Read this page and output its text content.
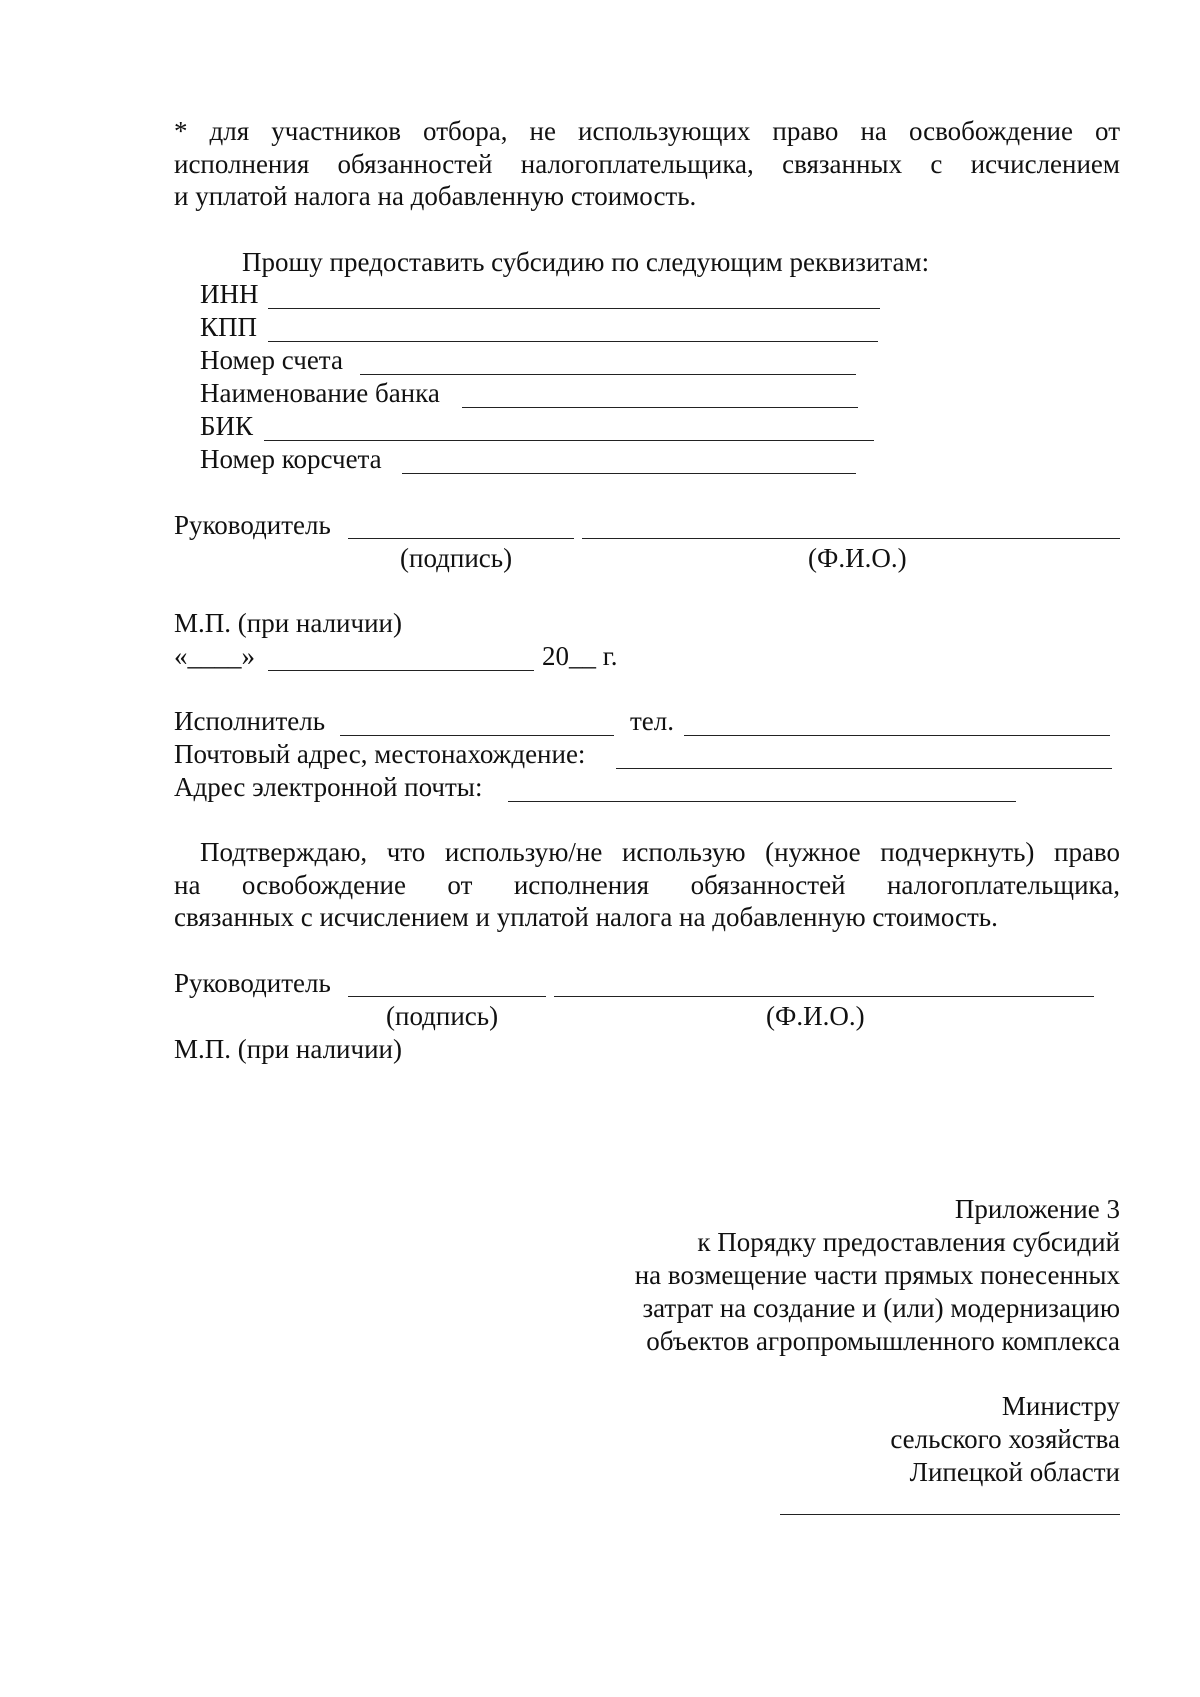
* для участников отбора, не использующих право на освобождение от
исполнения обязанностей налогоплательщика, связанных с исчислением
и уплатой налога на добавленную стоимость.
Прошу предоставить субсидию по следующим реквизитам:
ИНН
КПП
Номер счета
Наименование банка
БИК
Номер корсчета
Руководитель
(подпись)	(Ф.И.О.)
М.П. (при наличии)
«____»	20__ г.
Исполнитель	тел.
Почтовый адрес, местонахождение:
Адрес электронной почты:
Подтверждаю, что использую/не использую (нужное подчеркнуть) право
на освобождение от исполнения обязанностей налогоплательщика,
связанных с исчислением и уплатой налога на добавленную стоимость.
Руководитель
(подпись)	(Ф.И.О.)
М.П. (при наличии)
Приложение 3
к Порядку предоставления субсидий
на возмещение части прямых понесенных
затрат на создание и (или) модернизацию
объектов агропромышленного комплекса
Министру
сельского хозяйства
Липецкой области
